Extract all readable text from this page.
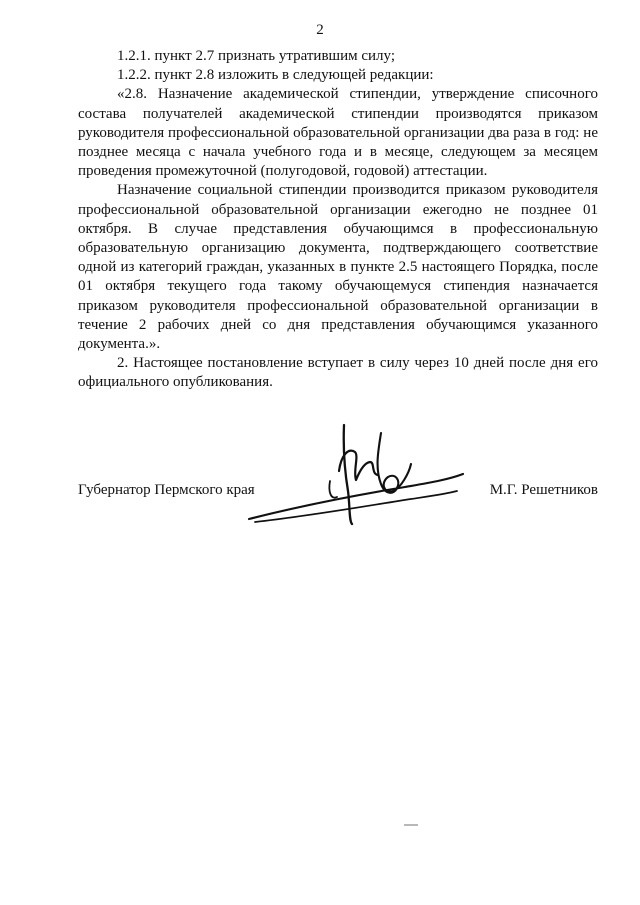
2

1.2.1. пункт 2.7 признать утратившим силу;

1.2.2. пункт 2.8 изложить в следующей редакции:

«2.8. Назначение академической стипендии, утверждение списочного состава получателей академической стипендии производятся приказом руководителя профессиональной образовательной организации два раза в год: не позднее месяца с начала учебного года и в месяце, следующем за месяцем проведения промежуточной (полугодовой, годовой) аттестации.

Назначение социальной стипендии производится приказом руководителя профессиональной образовательной организации ежегодно не позднее 01 октября. В случае представления обучающимся в профессиональную образовательную организацию документа, подтверждающего соответствие одной из категорий граждан, указанных в пункте 2.5 настоящего Порядка, после 01 октября текущего года такому обучающемуся стипендия назначается приказом руководителя профессиональной образовательной организации в течение 2 рабочих дней со дня представления обучающимся указанного документа.».

2. Настоящее постановление вступает в силу через 10 дней после дня его официального опубликования.

Губернатор Пермского края	М.Г. Решетников
